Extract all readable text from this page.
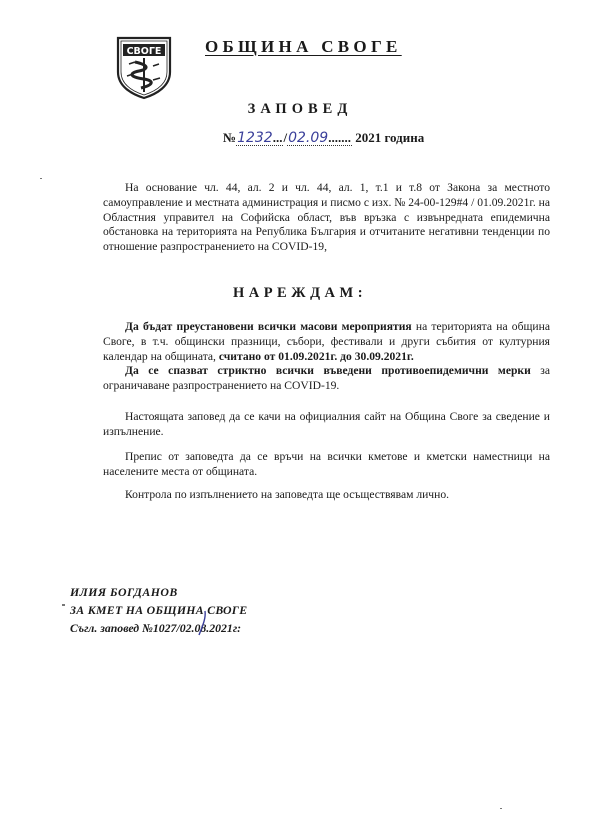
СВОГЕ	ОБЩИНА СВОГЕ
ЗАПОВЕД
№1232.../02.09....... 2021 година

На основание чл. 44, ал. 2 и чл. 44, ал. 1, т.1 и т.8 от Закона за местното самоуправление и местната администрация и писмо с изх. № 24-00-129#4 / 01.09.2021г. на Областния управител на Софийска област, във връзка с извънредната епидемична обстановка на територията на Република България и отчитаните негативни тенденции по отношение разпространението на COVID-19,

НАРЕЖДАМ:

Да бъдат преустановени всички масови мероприятия на територията на община Своге, в т.ч. общински празници, събори, фестивали и други събития от културния календар на общината, считано от 01.09.2021г. до 30.09.2021г.
Да се спазват стриктно всички въведени противоепидемични мерки за ограничаване разпространението на COVID-19.

Настоящата заповед да се качи на официалния сайт на Община Своге за сведение и изпълнение.

Препис от заповедта да се връчи на всички кметове и кметски наместници на населените места от общината.

Контрола по изпълнението на заповедта ще осъществявам лично.

ИЛИЯ БОГДАНОВ
ЗА КМЕТ НА ОБЩИНА СВОГЕ
Съгл. заповед №1027/02.08.2021г:
